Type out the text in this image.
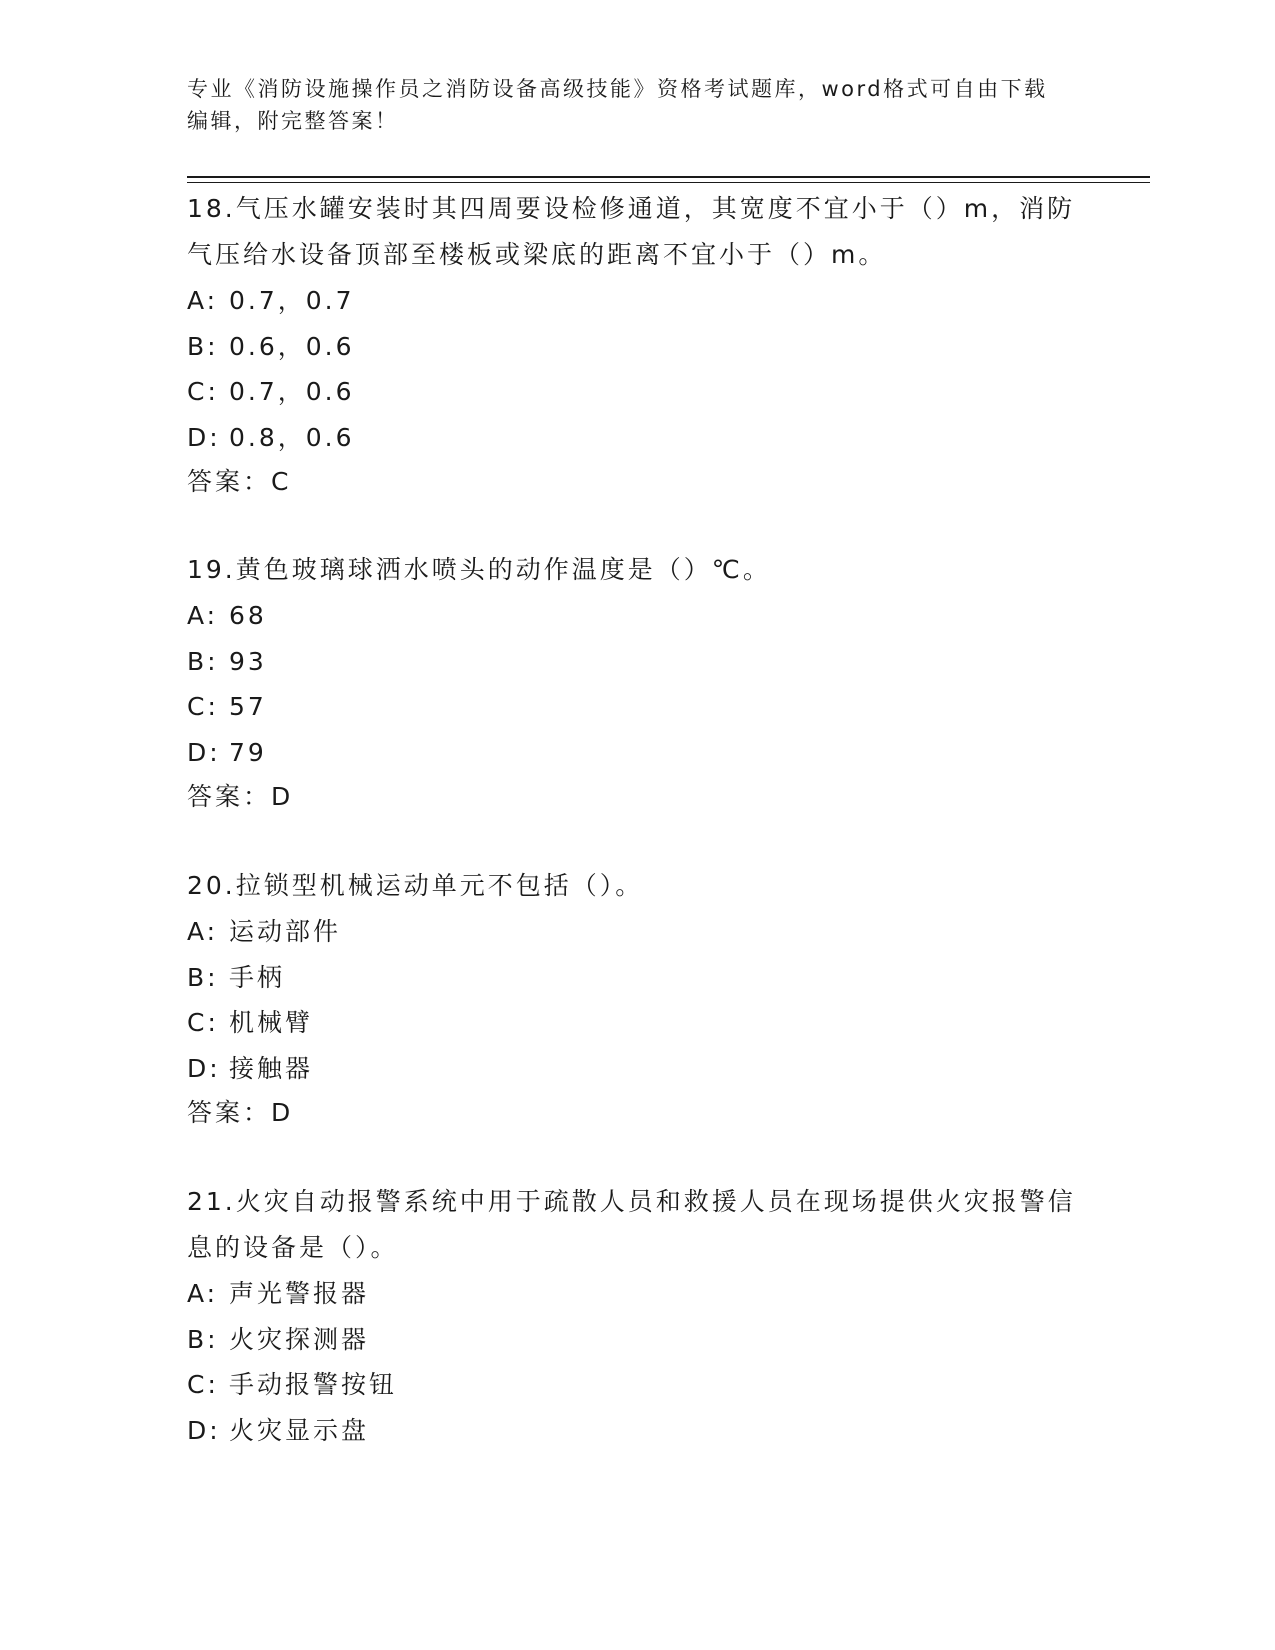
专业《消防设施操作员之消防设备高级技能》资格考试题库，word格式可自由下载编辑，附完整答案！

18.气压水罐安装时其四周要设检修通道，其宽度不宜小于（）m，消防气压给水设备顶部至楼板或梁底的距离不宜小于（）m。

A: 0.7，0.7
B: 0.6，0.6
C: 0.7，0.6
D: 0.8，0.6
答案：C

19.黄色玻璃球洒水喷头的动作温度是（）℃。

A: 68
B: 93
C: 57
D: 79
答案：D

20.拉锁型机械运动单元不包括（）。

A: 运动部件
B: 手柄
C: 机械臂
D: 接触器
答案：D

21.火灾自动报警系统中用于疏散人员和救援人员在现场提供火灾报警信息的设备是（）。

A: 声光警报器
B: 火灾探测器
C: 手动报警按钮
D: 火灾显示盘
